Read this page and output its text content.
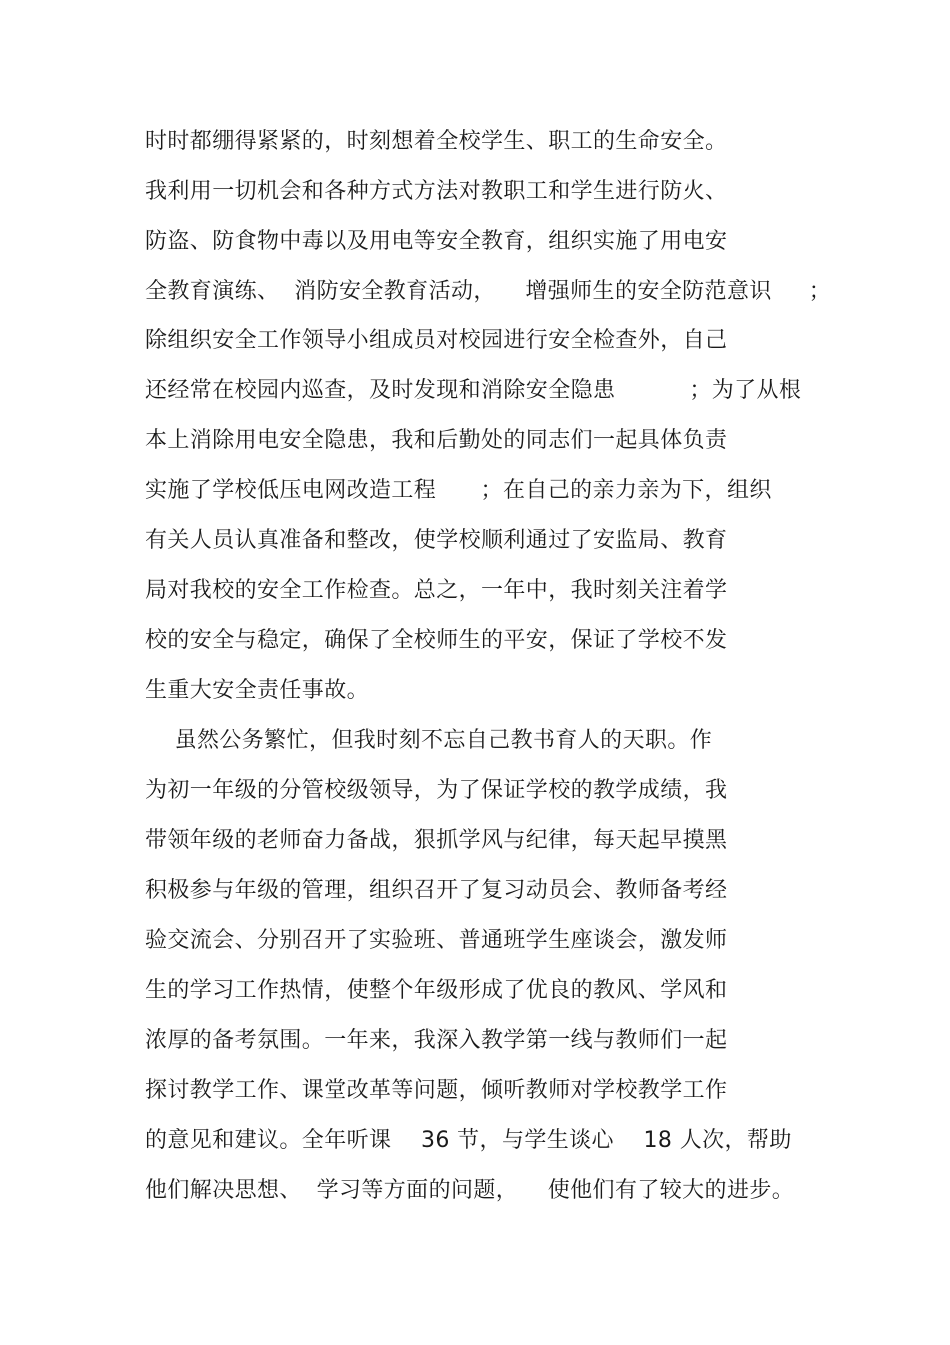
时时都绷得紧紧的，时刻想着全校学生、职工的生命安全。

我利用一切机会和各种方式方法对教职工和学生进行防火、

防盗、防食物中毒以及用电等安全教育，组织实施了用电安

全教育演练、  消防安全教育活动，    增强师生的安全防范意识     ；

除组织安全工作领导小组成员对校园进行安全检查外，自己

还经常在校园内巡查，及时发现和消除安全隐患          ；为了从根

本上消除用电安全隐患，我和后勤处的同志们一起具体负责

实施了学校低压电网改造工程      ；在自己的亲力亲为下，组织

有关人员认真准备和整改，使学校顺利通过了安监局、教育

局对我校的安全工作检查。总之，一年中，我时刻关注着学

校的安全与稳定，确保了全校师生的平安，保证了学校不发

生重大安全责任事故。

虽然公务繁忙，但我时刻不忘自己教书育人的天职。作

为初一年级的分管校级领导，为了保证学校的教学成绩，我

带领年级的老师奋力备战，狠抓学风与纪律，每天起早摸黑

积极参与年级的管理，组织召开了复习动员会、教师备考经

验交流会、分别召开了实验班、普通班学生座谈会，激发师

生的学习工作热情，使整个年级形成了优良的教风、学风和

浓厚的备考氛围。一年来，我深入教学第一线与教师们一起

探讨教学工作、课堂改革等问题，倾听教师对学校教学工作

的意见和建议。全年听课    36 节，与学生谈心    18 人次，帮助

他们解决思想、  学习等方面的问题，    使他们有了较大的进步。
